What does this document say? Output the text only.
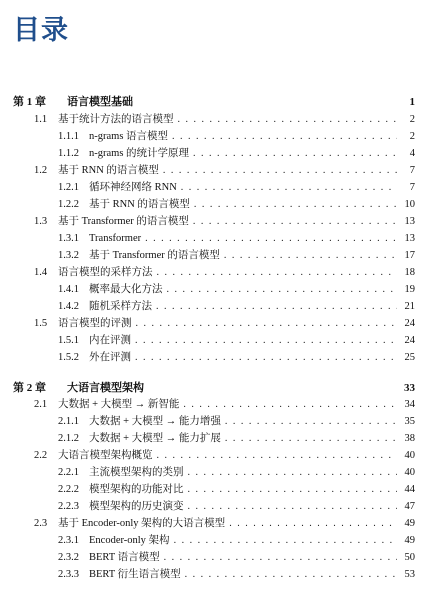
目录
第 1 章	语言模型基础	1
1.1	基于统计方法的语言模型 . . .	2
1.1.1 n-grams 语言模型 . . .	2
1.1.2 n-grams 的统计学原理 . . .	4
1.2	基于 RNN 的语言模型 . . .	7
1.2.1 循环神经网络 RNN . . .	7
1.2.2 基于 RNN 的语言模型 . . .	10
1.3	基于 Transformer 的语言模型 . . .	13
1.3.1 Transformer . . .	13
1.3.2 基于 Transformer 的语言模型 . . .	17
1.4	语言模型的采样方法 . . .	18
1.4.1 概率最大化方法 . . .	19
1.4.2 随机采样方法 . . .	21
1.5	语言模型的评测 . . .	24
1.5.1 内在评测 . . .	24
1.5.2 外在评测 . . .	25
第 2 章	大语言模型架构	33
2.1	大数据 + 大模型 → 新智能 . . .	34
2.1.1 大数据 + 大模型 → 能力增强 . . .	35
2.1.2 大数据 + 大模型 → 能力扩展 . . .	38
2.2	大语言模型架构概览 . . .	40
2.2.1 主流模型架构的类别 . . .	40
2.2.2 模型架构的功能对比 . . .	44
2.2.3 模型架构的历史演变 . . .	47
2.3	基于 Encoder-only 架构的大语言模型 . . .	49
2.3.1 Encoder-only 架构 . . .	49
2.3.2 BERT 语言模型 . . .	50
2.3.3 BERT 衍生语言模型 . . .	53
